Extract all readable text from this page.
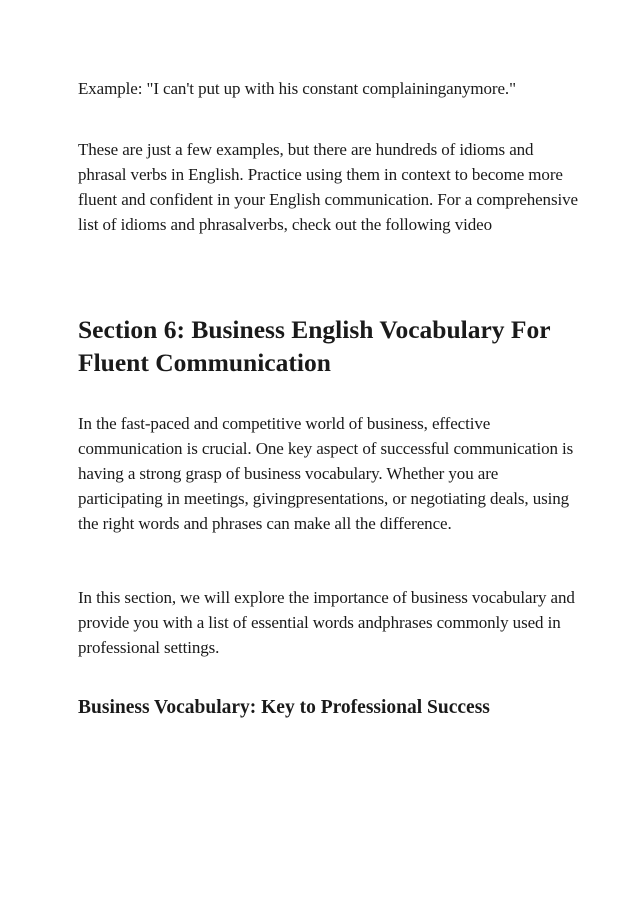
Example: "I can't put up with his constant complaininganymore."

These are just a few examples, but there are hundreds of idioms and phrasal verbs in English. Practice using them in context to become more fluent and confident in your English communication. For a comprehensive list of idioms and phrasalverbs, check out the following video

Section 6: Business English Vocabulary For Fluent Communication

In the fast-paced and competitive world of business, effective communication is crucial. One key aspect of successful communication is having a strong grasp of business vocabulary. Whether you are participating in meetings, givingpresentations, or negotiating deals, using the right words and phrases can make all the difference.

In this section, we will explore the importance of business vocabulary and provide you with a list of essential words andphrases commonly used in professional settings.

Business Vocabulary: Key to Professional Success
